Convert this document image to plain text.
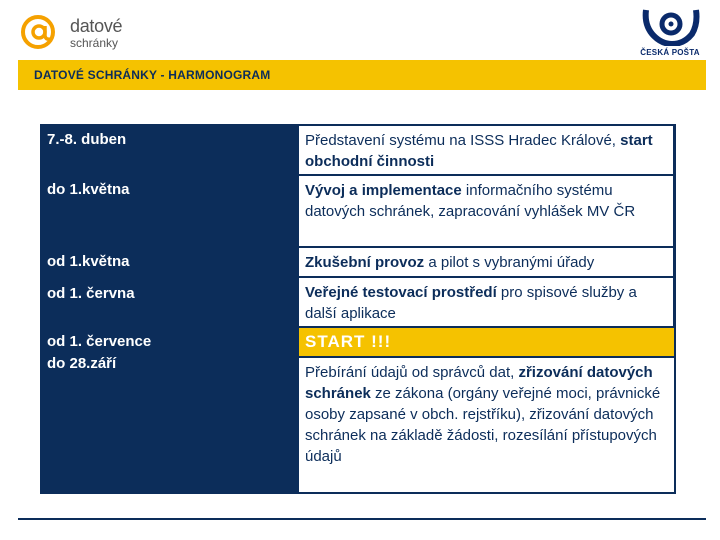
datové
schránky
ČESKÁ POŠTA
DATOVÉ SCHRÁNKY - HARMONOGRAM
7.-8. duben
do 1.května
od 1.května
od 1. června
od 1. července
do 28.září
Představení systému na ISSS Hradec Králové, start obchodní činnosti
Vývoj a implementace informačního systému datových schránek, zapracování vyhlášek MV ČR
Zkušební provoz a pilot s vybranými úřady
Veřejné testovací prostředí pro spisové služby a další aplikace
START !!!
Přebírání údajů od správců dat, zřizování datových schránek ze zákona (orgány veřejné moci, právnické osoby zapsané v obch. rejstříku), zřizování datových schránek na základě žádosti, rozesílání přístupových údajů
